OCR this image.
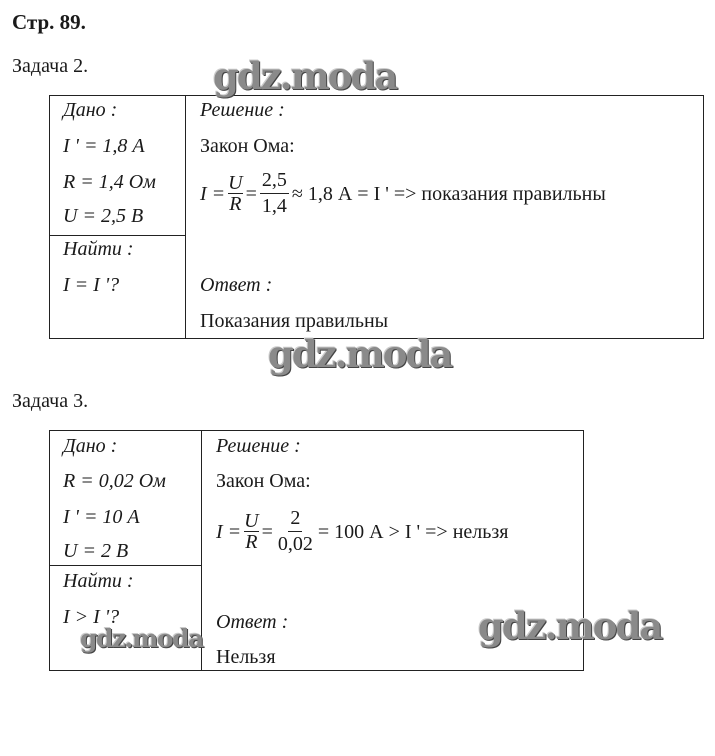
Стр. 89.
Задача 2.
Дано :
I ' = 1,8 А
R = 1,4 Ом
U = 2,5 В
Найти :
I = I '?
Решение :
Закон Ома:
$I = \frac{U}{R} = \frac{2,5}{1,4} \approx 1,8$ А = I ' => показания правильны
Ответ :
Показания правильны
Задача 3.
Дано :
R = 0,02 Ом
I ' = 10 А
U = 2 В
Найти :
I > I '?
Решение :
Закон Ома:
$I = \frac{U}{R} = \frac{2}{0,02} = 100$ А > I ' => нельзя
Ответ :
Нельзя
gdz.moda
gdz.moda
gdz.moda
gdz.moda
